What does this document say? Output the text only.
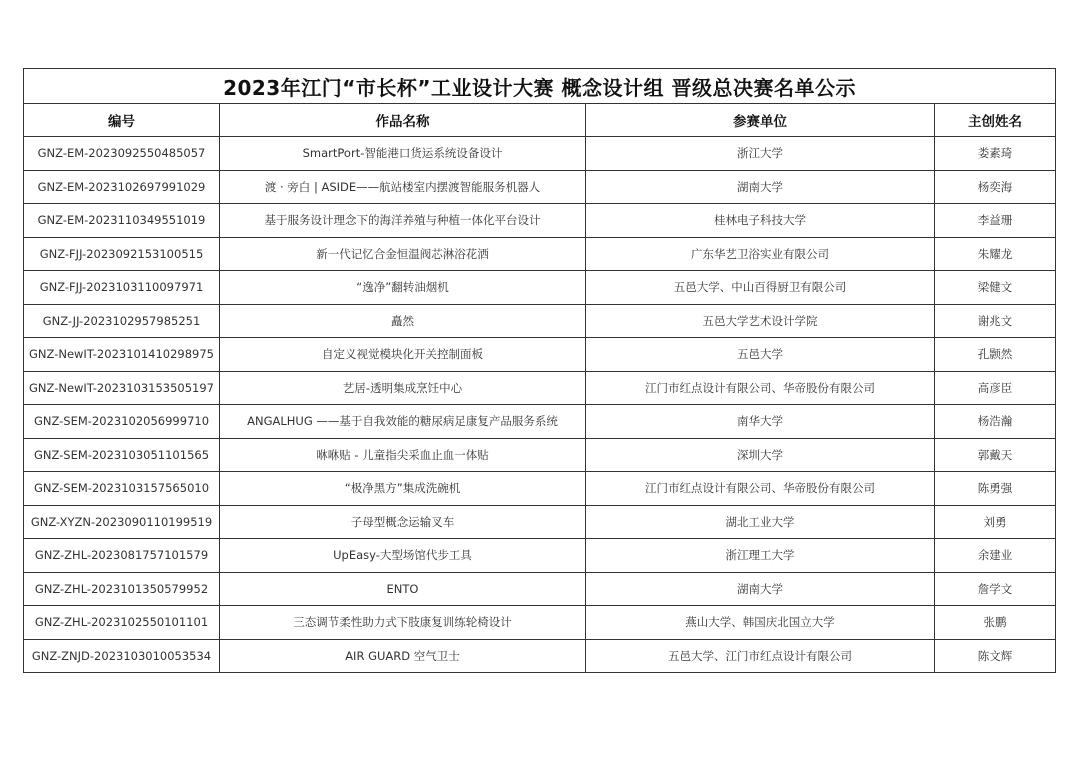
2023年江门“市长杯”工业设计大赛 概念设计组 晋级总决赛名单公示			
编号	作品名称	参赛单位	主创姓名
GNZ-EM-2023092550485057	SmartPort-智能港口货运系统设备设计	浙江大学	娄素琦
GNZ-EM-2023102697991029	渡 · 旁白 | ASIDE——航站楼室内摆渡智能服务机器人	湖南大学	杨奕海
GNZ-EM-2023110349551019	基于服务设计理念下的海洋养殖与种植一体化平台设计	桂林电子科技大学	李益珊
GNZ-FJJ-2023092153100515	新一代记忆合金恒温阀芯淋浴花洒	广东华艺卫浴实业有限公司	朱耀龙
GNZ-FJJ-2023103110097971	“逸净”翻转油烟机	五邑大学、中山百得厨卫有限公司	梁健文
GNZ-JJ-2023102957985251	矗然	五邑大学艺术设计学院	谢兆文
GNZ-NewIT-2023101410298975	自定义视觉模块化开关控制面板	五邑大学	孔颢然
GNZ-NewIT-2023103153505197	艺居-透明集成烹饪中心	江门市红点设计有限公司、华帝股份有限公司	高彦臣
GNZ-SEM-2023102056999710	ANGALHUG ——基于自我效能的糖尿病足康复产品服务系统	南华大学	杨浩瀚
GNZ-SEM-2023103051101565	咻咻贴 - 儿童指尖采血止血一体贴	深圳大学	郭戴天
GNZ-SEM-2023103157565010	“极净黑方”集成洗碗机	江门市红点设计有限公司、华帝股份有限公司	陈勇强
GNZ-XYZN-2023090110199519	子母型概念运输叉车	湖北工业大学	刘勇
GNZ-ZHL-2023081757101579	UpEasy-大型场馆代步工具	浙江理工大学	余建业
GNZ-ZHL-2023101350579952	ENTO	湖南大学	詹学文
GNZ-ZHL-2023102550101101	三态调节柔性助力式下肢康复训练轮椅设计	燕山大学、韩国庆北国立大学	张鹏
GNZ-ZNJD-2023103010053534	AIR GUARD 空气卫士	五邑大学、江门市红点设计有限公司	陈文辉
